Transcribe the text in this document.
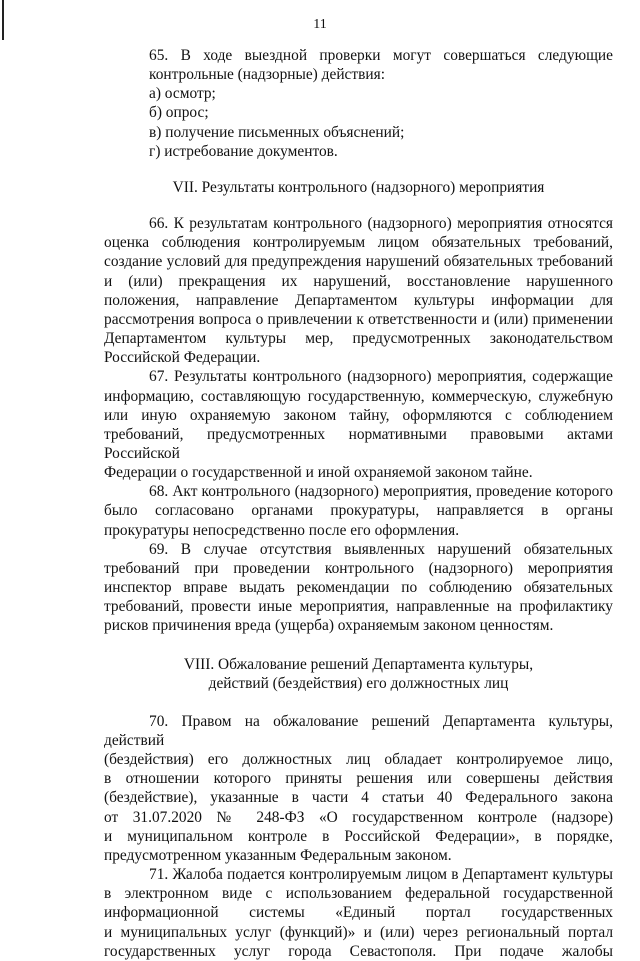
11

65. В ходе выездной проверки могут совершаться следующие

контрольные (надзорные) действия:

а) осмотр;

б) опрос;

в) получение письменных объяснений;

г) истребование документов.

VII. Результаты контрольного (надзорного) мероприятия

66. К результатам контрольного (надзорного) мероприятия относятся

оценка соблюдения контролируемым лицом обязательных требований,

создание условий для предупреждения нарушений обязательных требований

и (или) прекращения их нарушений, восстановление нарушенного

положения, направление Департаментом культуры информации для

рассмотрения вопроса о привлечении к ответственности и (или) применении

Департаментом культуры мер, предусмотренных законодательством

Российской Федерации.

67. Результаты контрольного (надзорного) мероприятия, содержащие

информацию, составляющую государственную, коммерческую, служебную

или иную охраняемую законом тайну, оформляются с соблюдением

требований, предусмотренных нормативными правовыми актами Российской

Федерации о государственной и иной охраняемой законом тайне.

68. Акт контрольного (надзорного) мероприятия, проведение которого

было согласовано органами прокуратуры, направляется в органы

прокуратуры непосредственно после его оформления.

69. В случае отсутствия выявленных нарушений обязательных

требований при проведении контрольного (надзорного) мероприятия

инспектор вправе выдать рекомендации по соблюдению обязательных

требований, провести иные мероприятия, направленные на профилактику

рисков причинения вреда (ущерба) охраняемым законом ценностям.

VIII. Обжалование решений Департамента культуры,

действий (бездействия) его должностных лиц

70. Правом на обжалование решений Департамента культуры, действий

(бездействия) его должностных лиц обладает контролируемое лицо,

в отношении которого приняты решения или совершены действия

(бездействие), указанные в части 4 статьи 40 Федерального закона

от 31.07.2020 № 248-ФЗ «О государственном контроле (надзоре)

и муниципальном контроле в Российской Федерации», в порядке,

предусмотренном указанным Федеральным законом.

71. Жалоба подается контролируемым лицом в Департамент культуры

в электронном виде с использованием федеральной государственной

информационной системы «Единый портал государственных

и муниципальных услуг (функций)» и (или) через региональный портал

государственных услуг города Севастополя. При подаче жалобы
